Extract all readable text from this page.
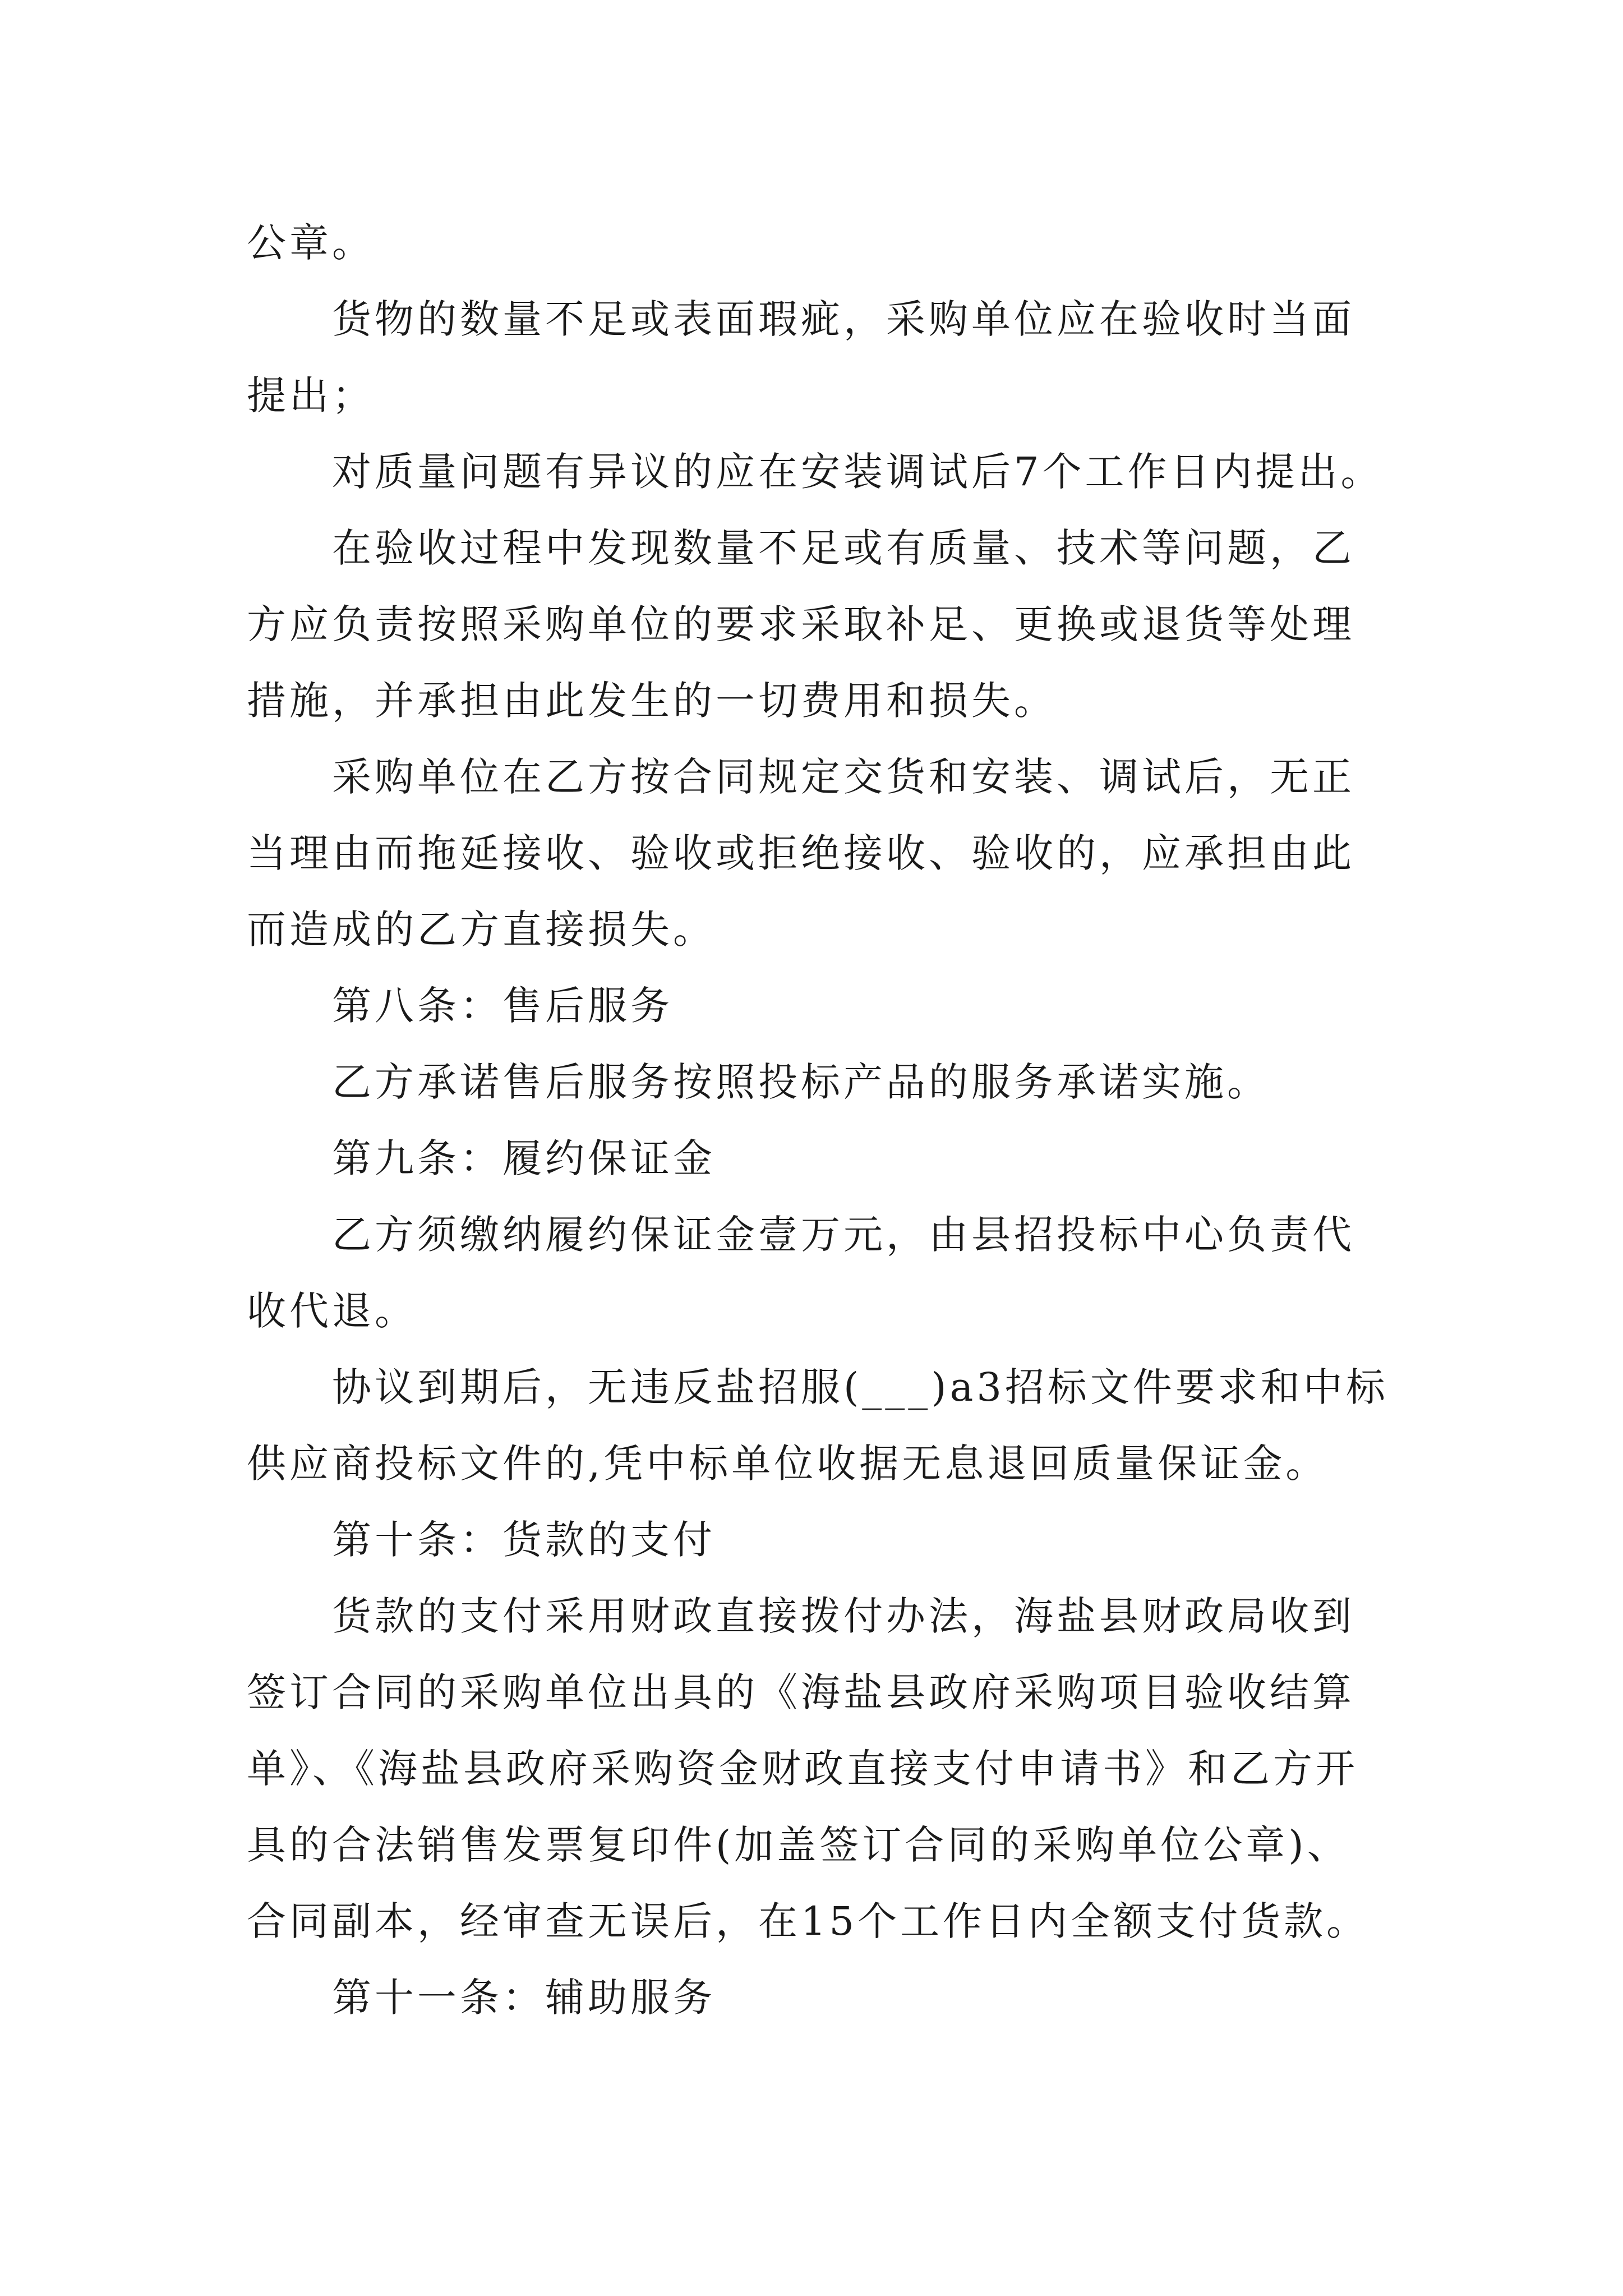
公章。

货物的数量不足或表面瑕疵，采购单位应在验收时当面提出；

对质量问题有异议的应在安装调试后7个工作日内提出。

在验收过程中发现数量不足或有质量、技术等问题，乙方应负责按照采购单位的要求采取补足、更换或退货等处理措施，并承担由此发生的一切费用和损失。

采购单位在乙方按合同规定交货和安装、调试后，无正当理由而拖延接收、验收或拒绝接收、验收的，应承担由此而造成的乙方直接损失。

第八条：售后服务

乙方承诺售后服务按照投标产品的服务承诺实施。

第九条：履约保证金

乙方须缴纳履约保证金壹万元，由县招投标中心负责代收代退。

协议到期后，无违反盐招服(___)a3招标文件要求和中标供应商投标文件的,凭中标单位收据无息退回质量保证金。

第十条：货款的支付

货款的支付采用财政直接拨付办法，海盐县财政局收到签订合同的采购单位出具的《海盐县政府采购项目验收结算单》、《海盐县政府采购资金财政直接支付申请书》和乙方开具的合法销售发票复印件(加盖签订合同的采购单位公章)、合同副本，经审查无误后，在15个工作日内全额支付货款。

第十一条：辅助服务
